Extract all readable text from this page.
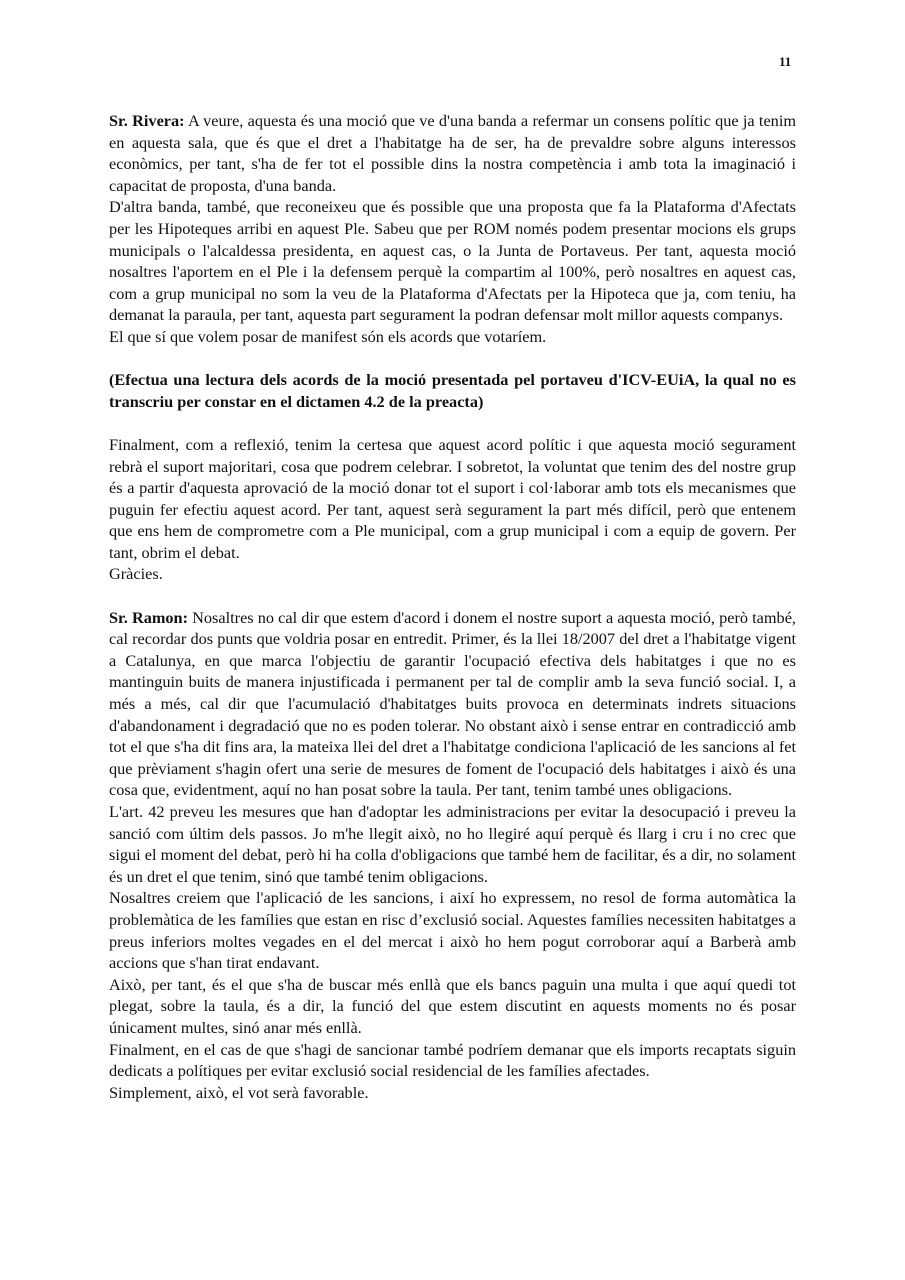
11

Sr. Rivera: A veure, aquesta és una moció que ve d'una banda a refermar un consens polític que ja tenim en aquesta sala, que és que el dret a l'habitatge ha de ser, ha de prevaldre sobre alguns interessos econòmics, per tant, s'ha de fer tot el possible dins la nostra competència i amb tota la imaginació i capacitat de proposta, d'una banda.

D'altra banda, també, que reconeixeu que és possible que una proposta que fa la Plataforma d'Afectats per les Hipoteques arribi en aquest Ple. Sabeu que per ROM només podem presentar mocions els grups municipals o l'alcaldessa presidenta, en aquest cas, o la Junta de Portaveus. Per tant, aquesta moció nosaltres l'aportem en el Ple i la defensem perquè la compartim al 100%, però nosaltres en aquest cas, com a grup municipal no som la veu de la Plataforma d'Afectats per la Hipoteca que ja, com teniu, ha demanat la paraula, per tant, aquesta part segurament la podran defensar molt millor aquests companys.

El que sí que volem posar de manifest són els acords que votaríem.

(Efectua una lectura dels acords de la moció presentada pel portaveu d'ICV-EUiA, la qual no es transcriu per constar en el dictamen 4.2 de la preacta)

Finalment, com a reflexió, tenim la certesa que aquest acord polític i que aquesta moció segurament rebrà el suport majoritari, cosa que podrem celebrar. I sobretot, la voluntat que tenim des del nostre grup és a partir d'aquesta aprovació de la moció donar tot el suport i col·laborar amb tots els mecanismes que puguin fer efectiu aquest acord. Per tant, aquest serà segurament la part més difícil, però que entenem que ens hem de comprometre com a Ple municipal, com a grup municipal i com a equip de govern. Per tant, obrim el debat.

Gràcies.

Sr. Ramon: Nosaltres no cal dir que estem d'acord i donem el nostre suport a aquesta moció, però també, cal recordar dos punts que voldria posar en entredit. Primer, és la llei 18/2007 del dret a l'habitatge vigent a Catalunya, en que marca l'objectiu de garantir l'ocupació efectiva dels habitatges i que no es mantinguin buits de manera injustificada i permanent per tal de complir amb la seva funció social. I, a més a més, cal dir que l'acumulació d'habitatges buits provoca en determinats indrets situacions d'abandonament i degradació que no es poden tolerar. No obstant això i sense entrar en contradicció amb tot el que s'ha dit fins ara, la mateixa llei del dret a l'habitatge condiciona l'aplicació de les sancions al fet que prèviament s'hagin ofert una serie de mesures de foment de l'ocupació dels habitatges i això és una cosa que, evidentment, aquí no han posat sobre la taula. Per tant, tenim també unes obligacions.

L'art. 42 preveu les mesures que han d'adoptar les administracions per evitar la desocupació i preveu la sanció com últim dels passos. Jo m'he llegit això, no ho llegiré aquí perquè és llarg i cru i no crec que sigui el moment del debat, però hi ha colla d'obligacions que també hem de facilitar, és a dir, no solament és un dret el que tenim, sinó que també tenim obligacions.

Nosaltres creiem que l'aplicació de les sancions, i així ho expressem, no resol de forma automàtica la problemàtica de les famílies que estan en risc d’exclusió social. Aquestes famílies necessiten habitatges a preus inferiors moltes vegades en el del mercat i això ho hem pogut corroborar aquí a Barberà amb accions que s'han tirat endavant.

Això, per tant, és el que s'ha de buscar més enllà que els bancs paguin una multa i que aquí quedi tot plegat, sobre la taula, és a dir, la funció del que estem discutint en aquests moments no és posar únicament multes, sinó anar més enllà.

Finalment, en el cas de que s'hagi de sancionar també podríem demanar que els imports recaptats siguin dedicats a polítiques per evitar exclusió social residencial de les famílies afectades.

Simplement, això, el vot serà favorable.
